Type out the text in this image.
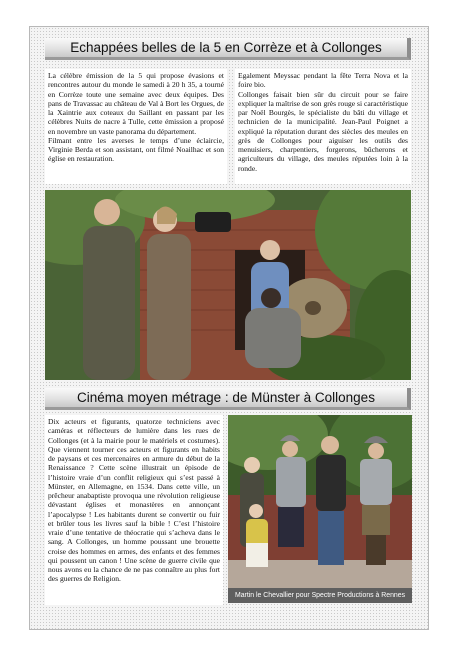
Echappées belles de la 5 en Corrèze et à Collonges

La célèbre émission de la 5 qui propose évasions et rencontres autour du monde le samedi à 20 h 35, a tourné en Corrèze toute une semaine avec deux équipes. Des pans de Travassac au château de Val à Bort les Orgues, de la Xaintrie aux coteaux du Saillant en passant par les célèbres Nuits de nacre à Tulle, cette émission a proposé en novembre un vaste panorama du département.

Filmant entre les averses le temps d’une éclaircie, Virginie Berda et son assistant, ont filmé Noailhac et son église en restauration.

Egalement Meyssac pendant la fête Terra Nova et la foire bio.

Collonges faisait bien sûr du circuit pour se faire expliquer la maîtrise de son grès rouge si caractéristique par Noël Bourgès, le spécialiste du bâti du village et technicien de la municipalité. Jean-Paul Poignet a expliqué la réputation durant des siècles des meules en grès de Collonges pour aiguiser les outils des menuisiers, charpentiers, forgerons, bûcherons et agriculteurs du village, des meules réputées loin à la ronde.

Cinéma moyen métrage : de Münster à Collonges

Dix acteurs et figurants, quatorze techniciens avec caméras et réflecteurs de lumière dans les rues de Collonges (et à la mairie pour le matériels et costumes). Que viennent tourner ces acteurs et figurants en habits de paysans et ces mercenaires en armure du début de la Renaissance ? Cette scène illustrait un épisode de l’histoire vraie d’un conflit religieux qui s’est passé à Münster, en Allemagne, en 1534. Dans cette ville, un prêcheur anabaptiste provoqua une révolution religieuse dévastant églises et monastères en annonçant l’apocalypse ! Les habitants durent se convertir ou fuir et brûler tous les livres sauf la bible ! C’est l’histoire vraie d’une tentative de théocratie qui s’acheva dans le sang. A Collonges, un homme poussant une brouette croise des hommes en armes, des enfants et des femmes qui poussent un canon ! Une scène de guerre civile que nous avons eu la chance de ne pas connaître au plus fort des guerres de Religion.

Martin le Chevallier pour Spectre Productions à Rennes
